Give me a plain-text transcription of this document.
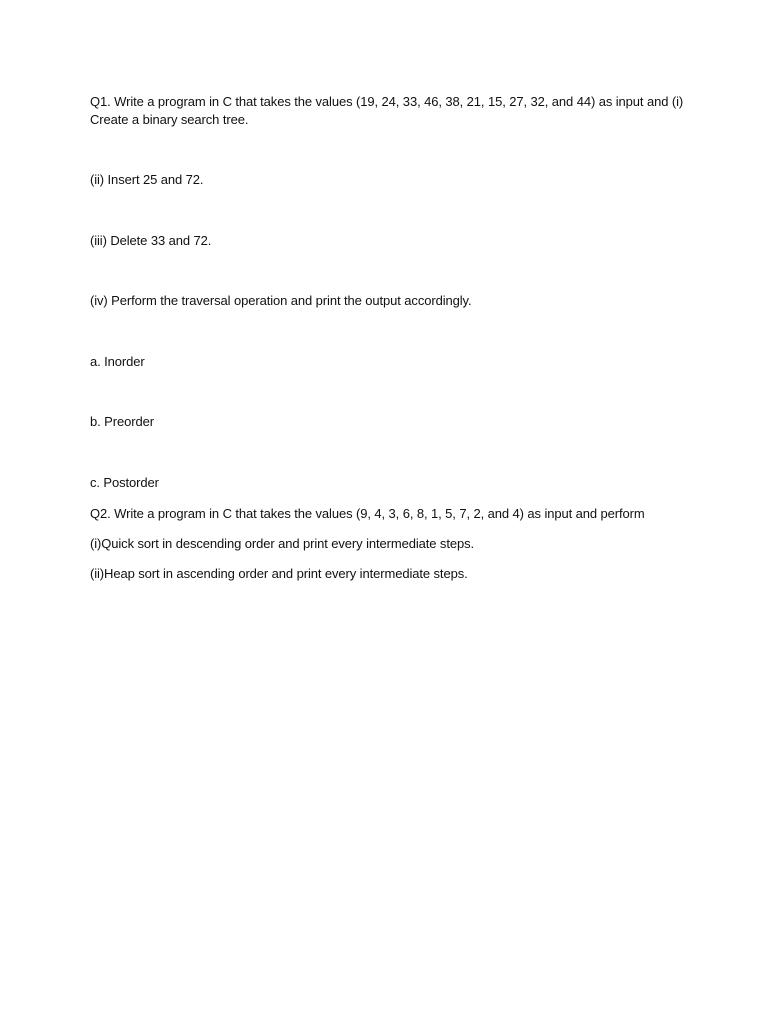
Q1. Write a program in C that takes the values (19, 24, 33, 46, 38, 21, 15, 27, 32, and 44) as input and (i)
Create a binary search tree.
(ii) Insert 25 and 72.
(iii) Delete 33 and 72.
(iv) Perform the traversal operation and print the output accordingly.
a. Inorder
b. Preorder
c. Postorder
Q2. Write a program in C that takes the values (9, 4, 3, 6, 8, 1, 5, 7, 2, and 4) as input and perform
(i)Quick sort in descending order and print every intermediate steps.
(ii)Heap sort in ascending order and print every intermediate steps.
